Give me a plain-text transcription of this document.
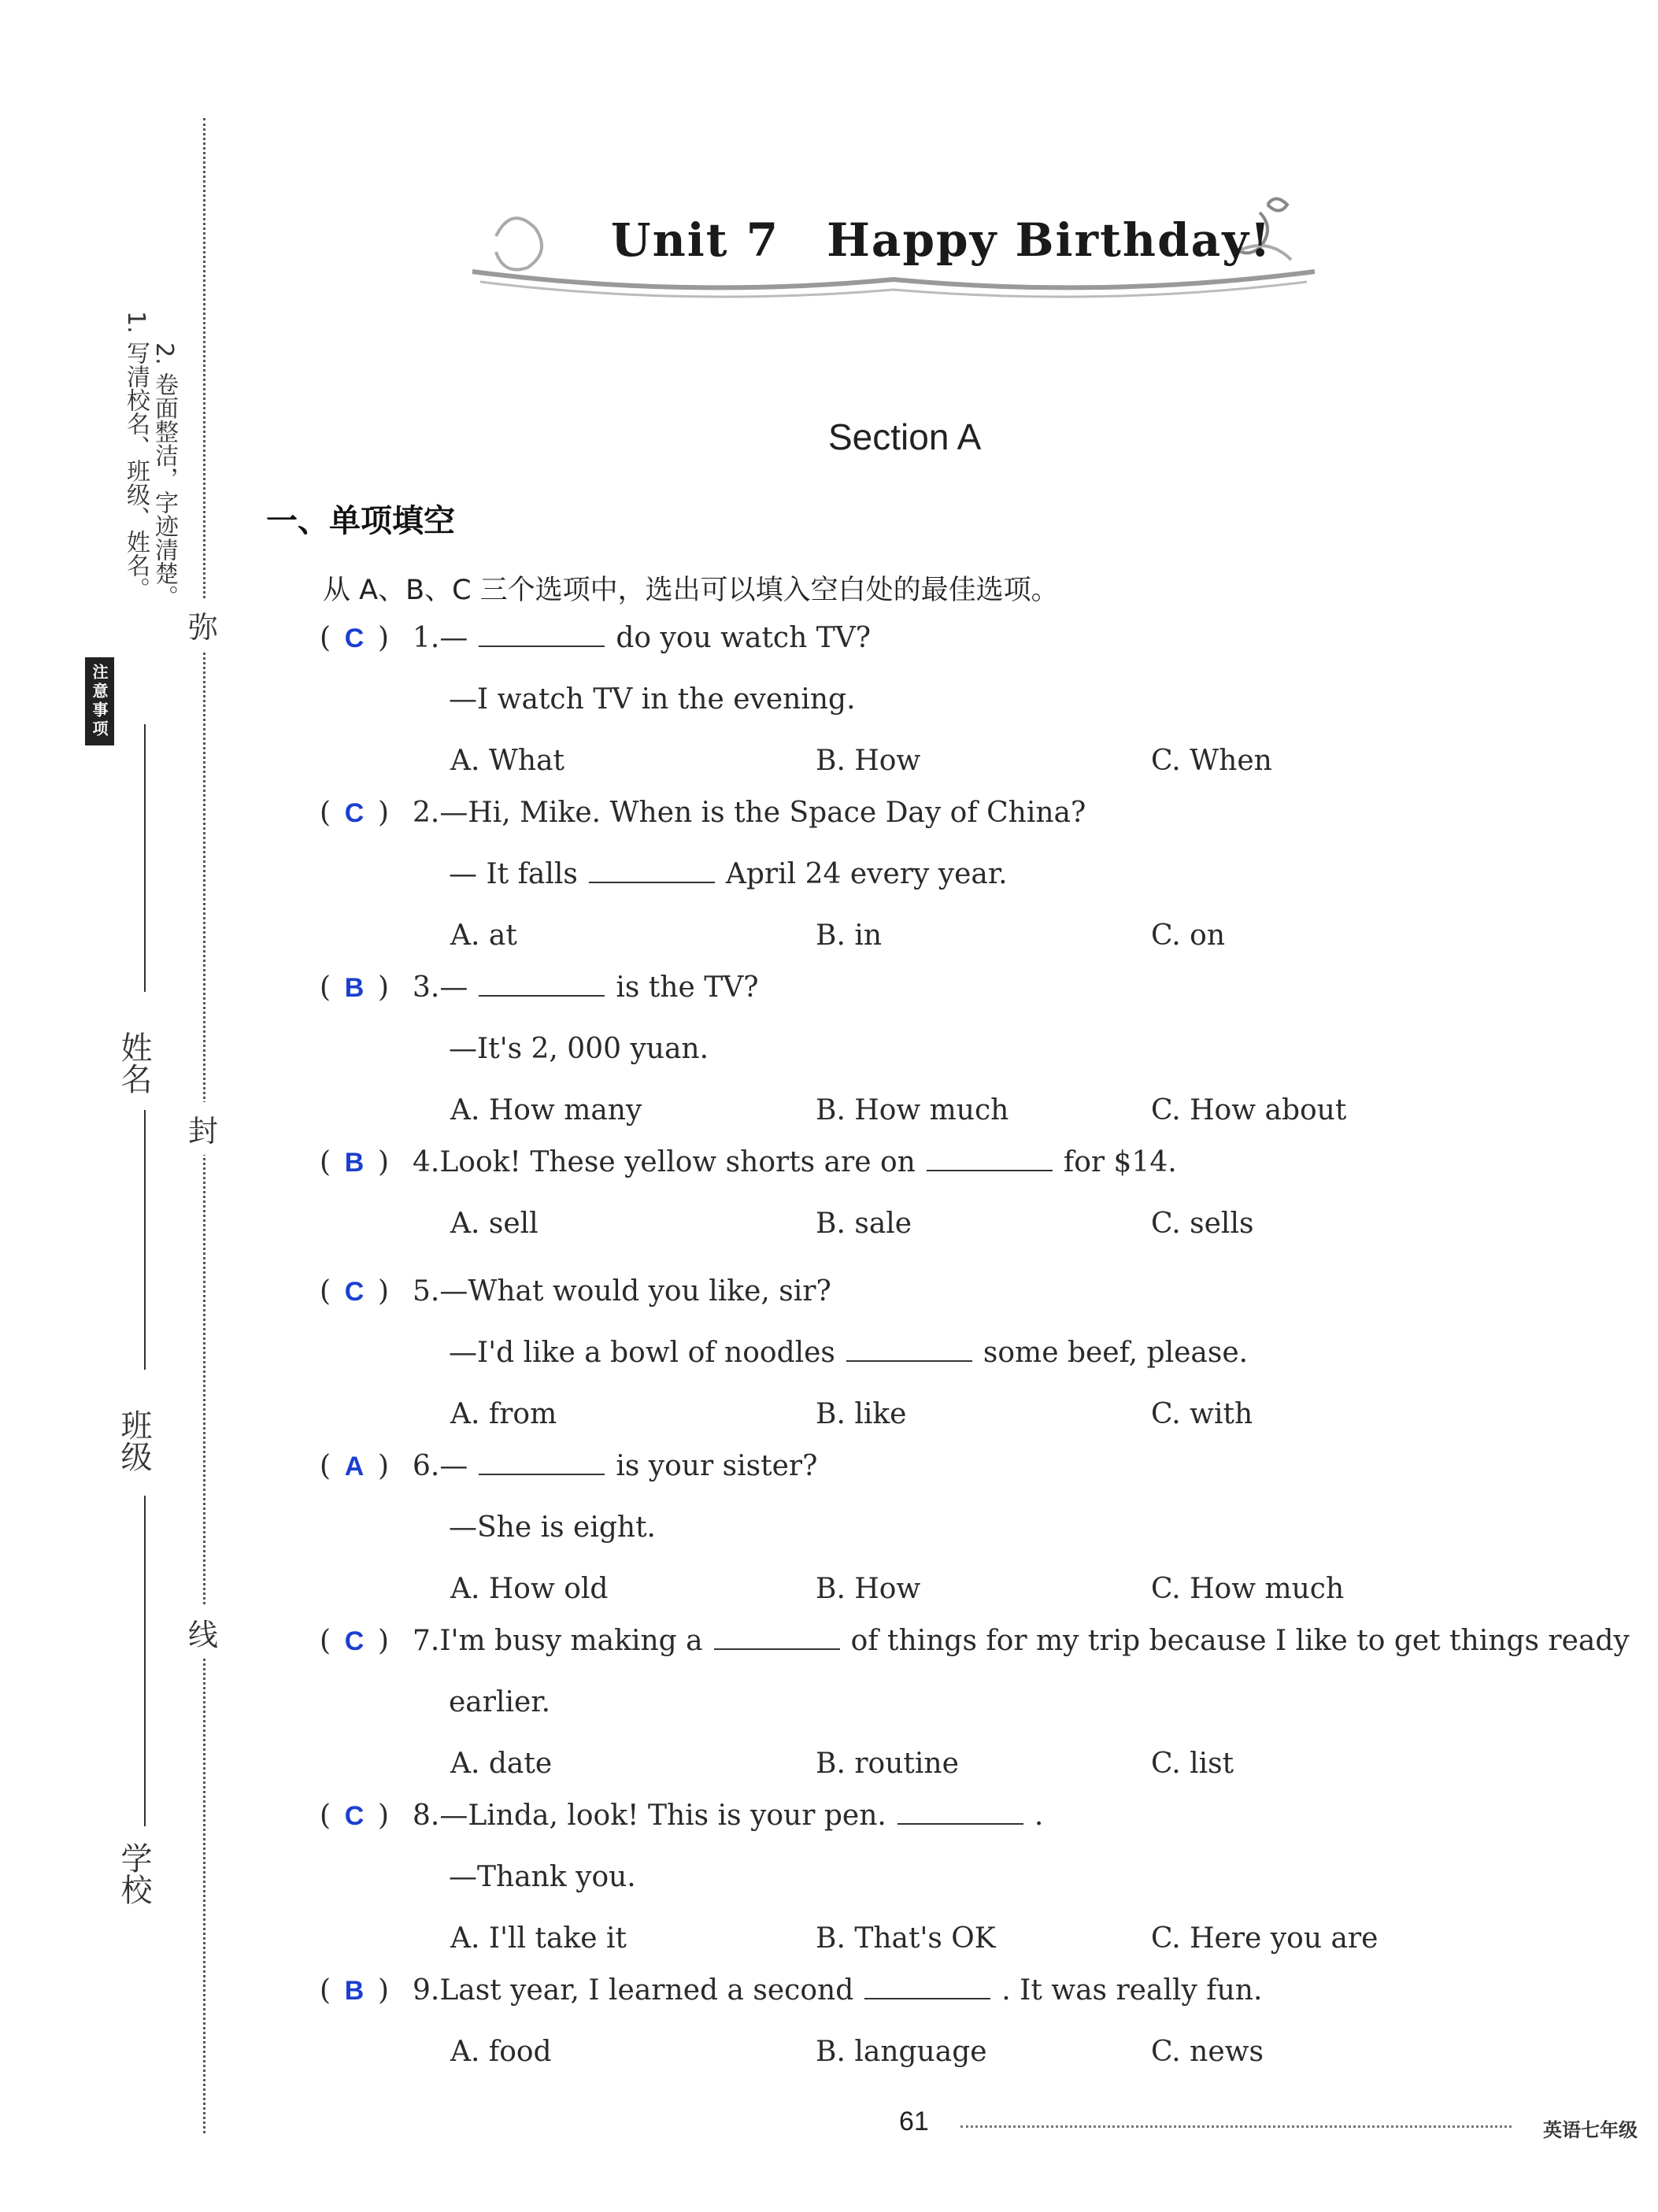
注意事项
1. 写清校名、班级、姓名。 2. 卷面整洁，字迹清楚。
弥
封
线
姓名
班级
学校
Unit 7　Happy Birthday!
Section A
一、单项填空
从 A、B、C 三个选项中，选出可以填入空白处的最佳选项。
( C ) 1.—	do you watch TV?
—I watch TV in the evening.
A. What	B. How	C. When
( C ) 2.—Hi, Mike. When is the Space Day of China?
— It falls	April 24 every year.
A. at	B. in	C. on
( B ) 3.—	is the TV?
—It's 2, 000 yuan.
A. How many	B. How much	C. How about
( B ) 4.Look! These yellow shorts are on	for $14.
A. sell	B. sale	C. sells
( C ) 5.—What would you like, sir?
—I'd like a bowl of noodles	some beef, please.
A. from	B. like	C. with
( A ) 6.—	is your sister?
—She is eight.
A. How old	B. How	C. How much
( C ) 7.I'm busy making a	of things for my trip because I like to get things ready
earlier.
A. date	B. routine	C. list
( C ) 8.—Linda, look! This is your pen.	.
—Thank you.
A. I'll take it	B. That's OK	C. Here you are
( B ) 9.Last year, I learned a second	. It was really fun.
A. food	B. language	C. news
61	英语七年级
